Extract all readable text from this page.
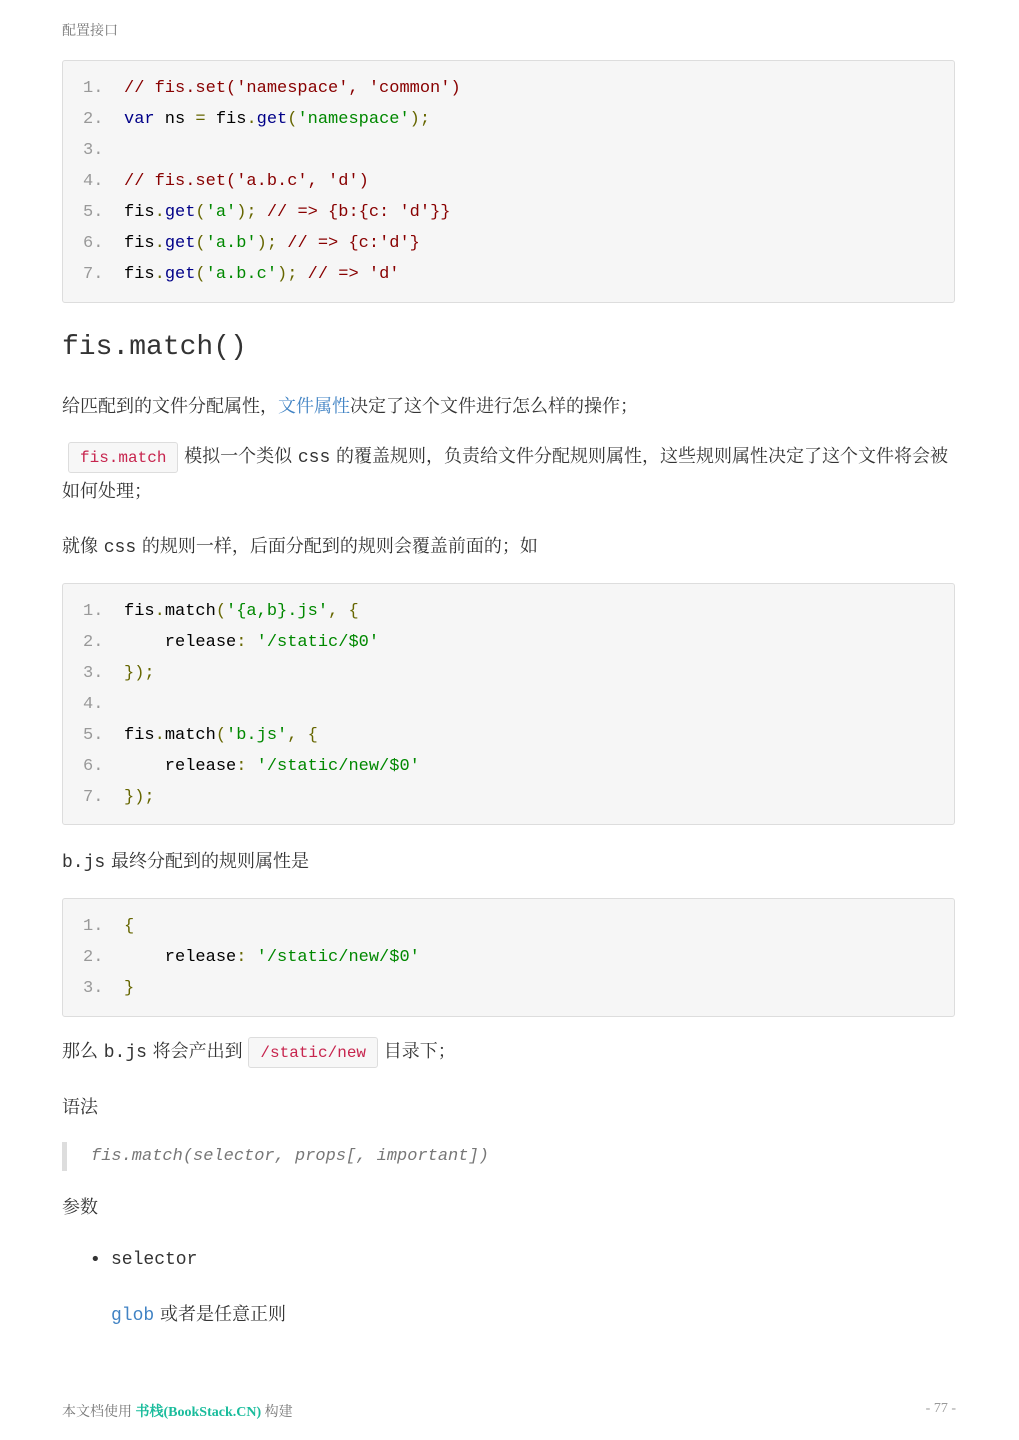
配置接口
1.	// fis.set('namespace', 'common')
2.	var ns = fis.get('namespace');
3.
4.	// fis.set('a.b.c', 'd')
5.	fis.get('a'); // => {b:{c: 'd'}}
6.	fis.get('a.b'); // => {c:'d'}
7.	fis.get('a.b.c'); // => 'd'
fis.match()
给匹配到的文件分配属性，文件属性决定了这个文件进行怎么样的操作；
fis.match 模拟一个类似 css 的覆盖规则，负责给文件分配规则属性，这些规则属性决定了这个文件将会被如何处理；
就像 css 的规则一样，后面分配到的规则会覆盖前面的；如
1.	fis.match('{a,b}.js', {
2.	release: '/static/$0'
3.	});
4.
5.	fis.match('b.js', {
6.	release: '/static/new/$0'
7.	});
b.js 最终分配到的规则属性是
1.	{
2.	release: '/static/new/$0'
3.	}
那么 b.js 将会产出到 /static/new 目录下；
语法
fis.match(selector, props[, important])
参数
• selector
glob 或者是任意正则
本文档使用 书栈(BookStack.CN) 构建	- 77 -
